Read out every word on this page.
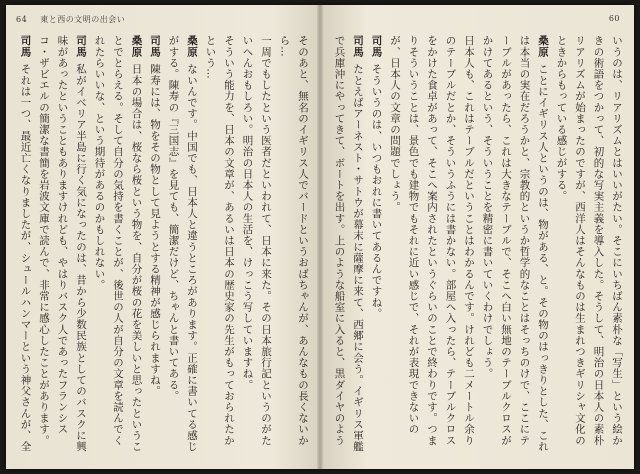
64 東と西の文明の出会い

そのあと、無名のイギリス人でバードというおばちゃんが、あんなもの長くないから…

一周でもしたという医者だといわれて、日本に来た。その日本旅行記というのがたいへんおもしろい。明治の日本人の生活を、けっこう写していますね。

そういう能力を、日本の文章が、あるいは日本の歴史家の先生がもっておられたかという…

桑原ないんです。中国でも、日本人と違うところがあります。正確に書いてる感じがする。陳寿の『三国志』を見ても、簡潔だけど、ちゃんと書いてある。

司馬陳寿には、物をその物として見ようとする精神が感じられますね。

桑原日本の場合は、桜なら桜という物を、自分が桜の花を美しいと思ったということでとらえる。そして自分の気持を書くことが、後世の人が自分の文章を読んでくれたらいいな、という期待があるのかもしれない。

司馬私がイベリア半島に行く気になったのは、昔から少数民族としてのバスクに興味があったということもありますけれども、やはりバスク人であったフランシスコ・ザビエルの簡潔な書簡を岩波文庫で読んで、非常に感心したことがあります。

司馬それは一つ、最近亡くなりましたが、シュールハンマーという神父さんが、全

60

いうのは、リアリズムとはいいがたい。そこにいちばん素朴な「写生」という絵かきの術語をつかって、初的な写実主義を導入した。そうして、明治の日本人の素朴リアリズムが始まったのですが、西洋人はそんなものは生まれつきギリシャ文化のときからもっている感じがする。

桑原ことにイギリス人というのは、物がある、と。その物のはっきりとした、これは本当の実在だろうかと、宗教的というか哲学的なことはそっちのけで、ここにテーブルがあったら、これは大きなテーブルで、そこへ白い無地のテーブルクロスがかけてあるという、そういうことを精密に書いていくわけでしょう。

日本人も、これはテーブルだということはわかるんです。けれども二メートル余りのテーブルだとか、そういうふうには書かない。部屋へ入ったら、テーブルクロスをかけた食卓があって、そこへ案内されたというぐらいのことで終わりです。つまりそういうことは、景色でも建物でもそれに近い感じで、それが表現できないのが、日本人の文章の問題でしょう。

司馬そういうのは、いつもおれに書いてあるんですね。

司馬たとえばアーネスト・サトウが幕末に薩摩に来て、西郷に会う。イギリス軍艦で兵庫沖にやってきて、ボートを出す。上のような船室に入ると、黒ダイヤのよう
